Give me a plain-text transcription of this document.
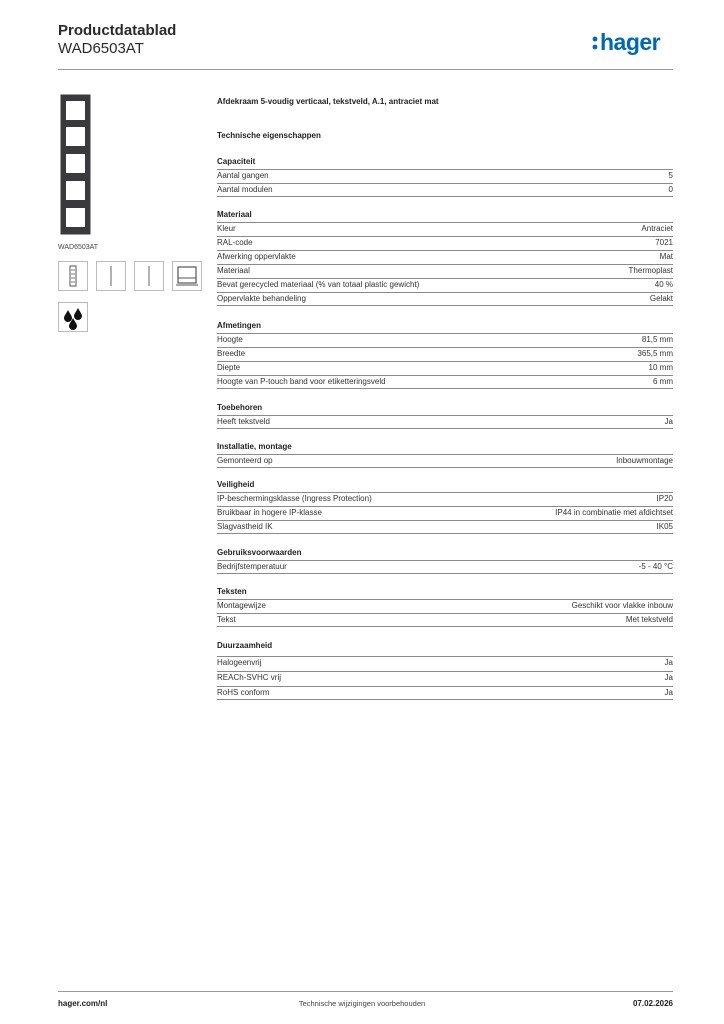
Productdatablad
WAD6503AT	hager
WAD6503AT
Afdekraam 5-voudig verticaal, tekstveld, A.1, antraciet mat
Technische eigenschappen
Capaciteit
Aantal gangen	5
Aantal modulen	0
Materiaal
Kleur	Antraciet
RAL-code	7021
Afwerking oppervlakte	Mat
Materiaal	Thermoplast
Bevat gerecycled materiaal (% van totaal plastic gewicht)	40 %
Oppervlakte behandeling	Gelakt
Afmetingen
Hoogte	81,5 mm
Breedte	365,5 mm
Diepte	10 mm
Hoogte van P-touch band voor etiketteringsveld	6 mm
Toebehoren
Heeft tekstveld	Ja
Installatie, montage
Gemonteerd op	Inbouwmontage
Veiligheid
IP-beschermingsklasse (Ingress Protection)	IP20
Bruikbaar in hogere IP-klasse	IP44 in combinatie met afdichtset
Slagvastheid IK	IK05
Gebruiksvoorwaarden
Bedrijfstemperatuur	-5 - 40 °C
Teksten
Montagewijze	Geschikt voor vlakke inbouw
Tekst	Met tekstveld
Duurzaamheid
Halogeenvrij	Ja
REACh-SVHC vrij	Ja
RoHS conform	Ja
hager.com/nl	Technische wijzigingen voorbehouden	07.02.2026
